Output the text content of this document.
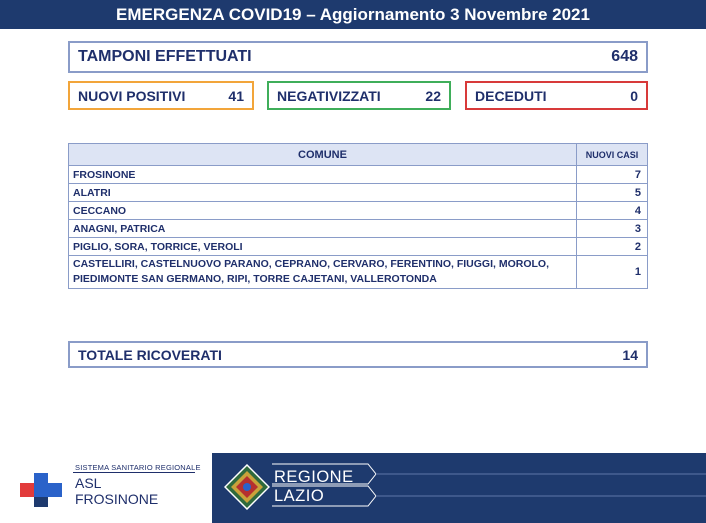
EMERGENZA COVID19 – Aggiornamento 3 Novembre 2021
TAMPONI EFFETTUATI	648
NUOVI POSITIVI	41 NEGATIVIZZATI	22 DECEDUTI	0
COMUNE	NUOVI CASI
FROSINONE	7
ALATRI	5
CECCANO	4
ANAGNI, PATRICA	3
PIGLIO, SORA, TORRICE, VEROLI	2
CASTELLIRI, CASTELNUOVO PARANO, CEPRANO, CERVARO, FERENTINO, FIUGGI, MOROLO, PIEDIMONTE SAN GERMANO, RIPI, TORRE CAJETANI, VALLEROTONDA	1
TOTALE RICOVERATI	14
SISTEMA SANITARIO REGIONALE
ASL
FROSINONE
REGIONE
LAZIO
